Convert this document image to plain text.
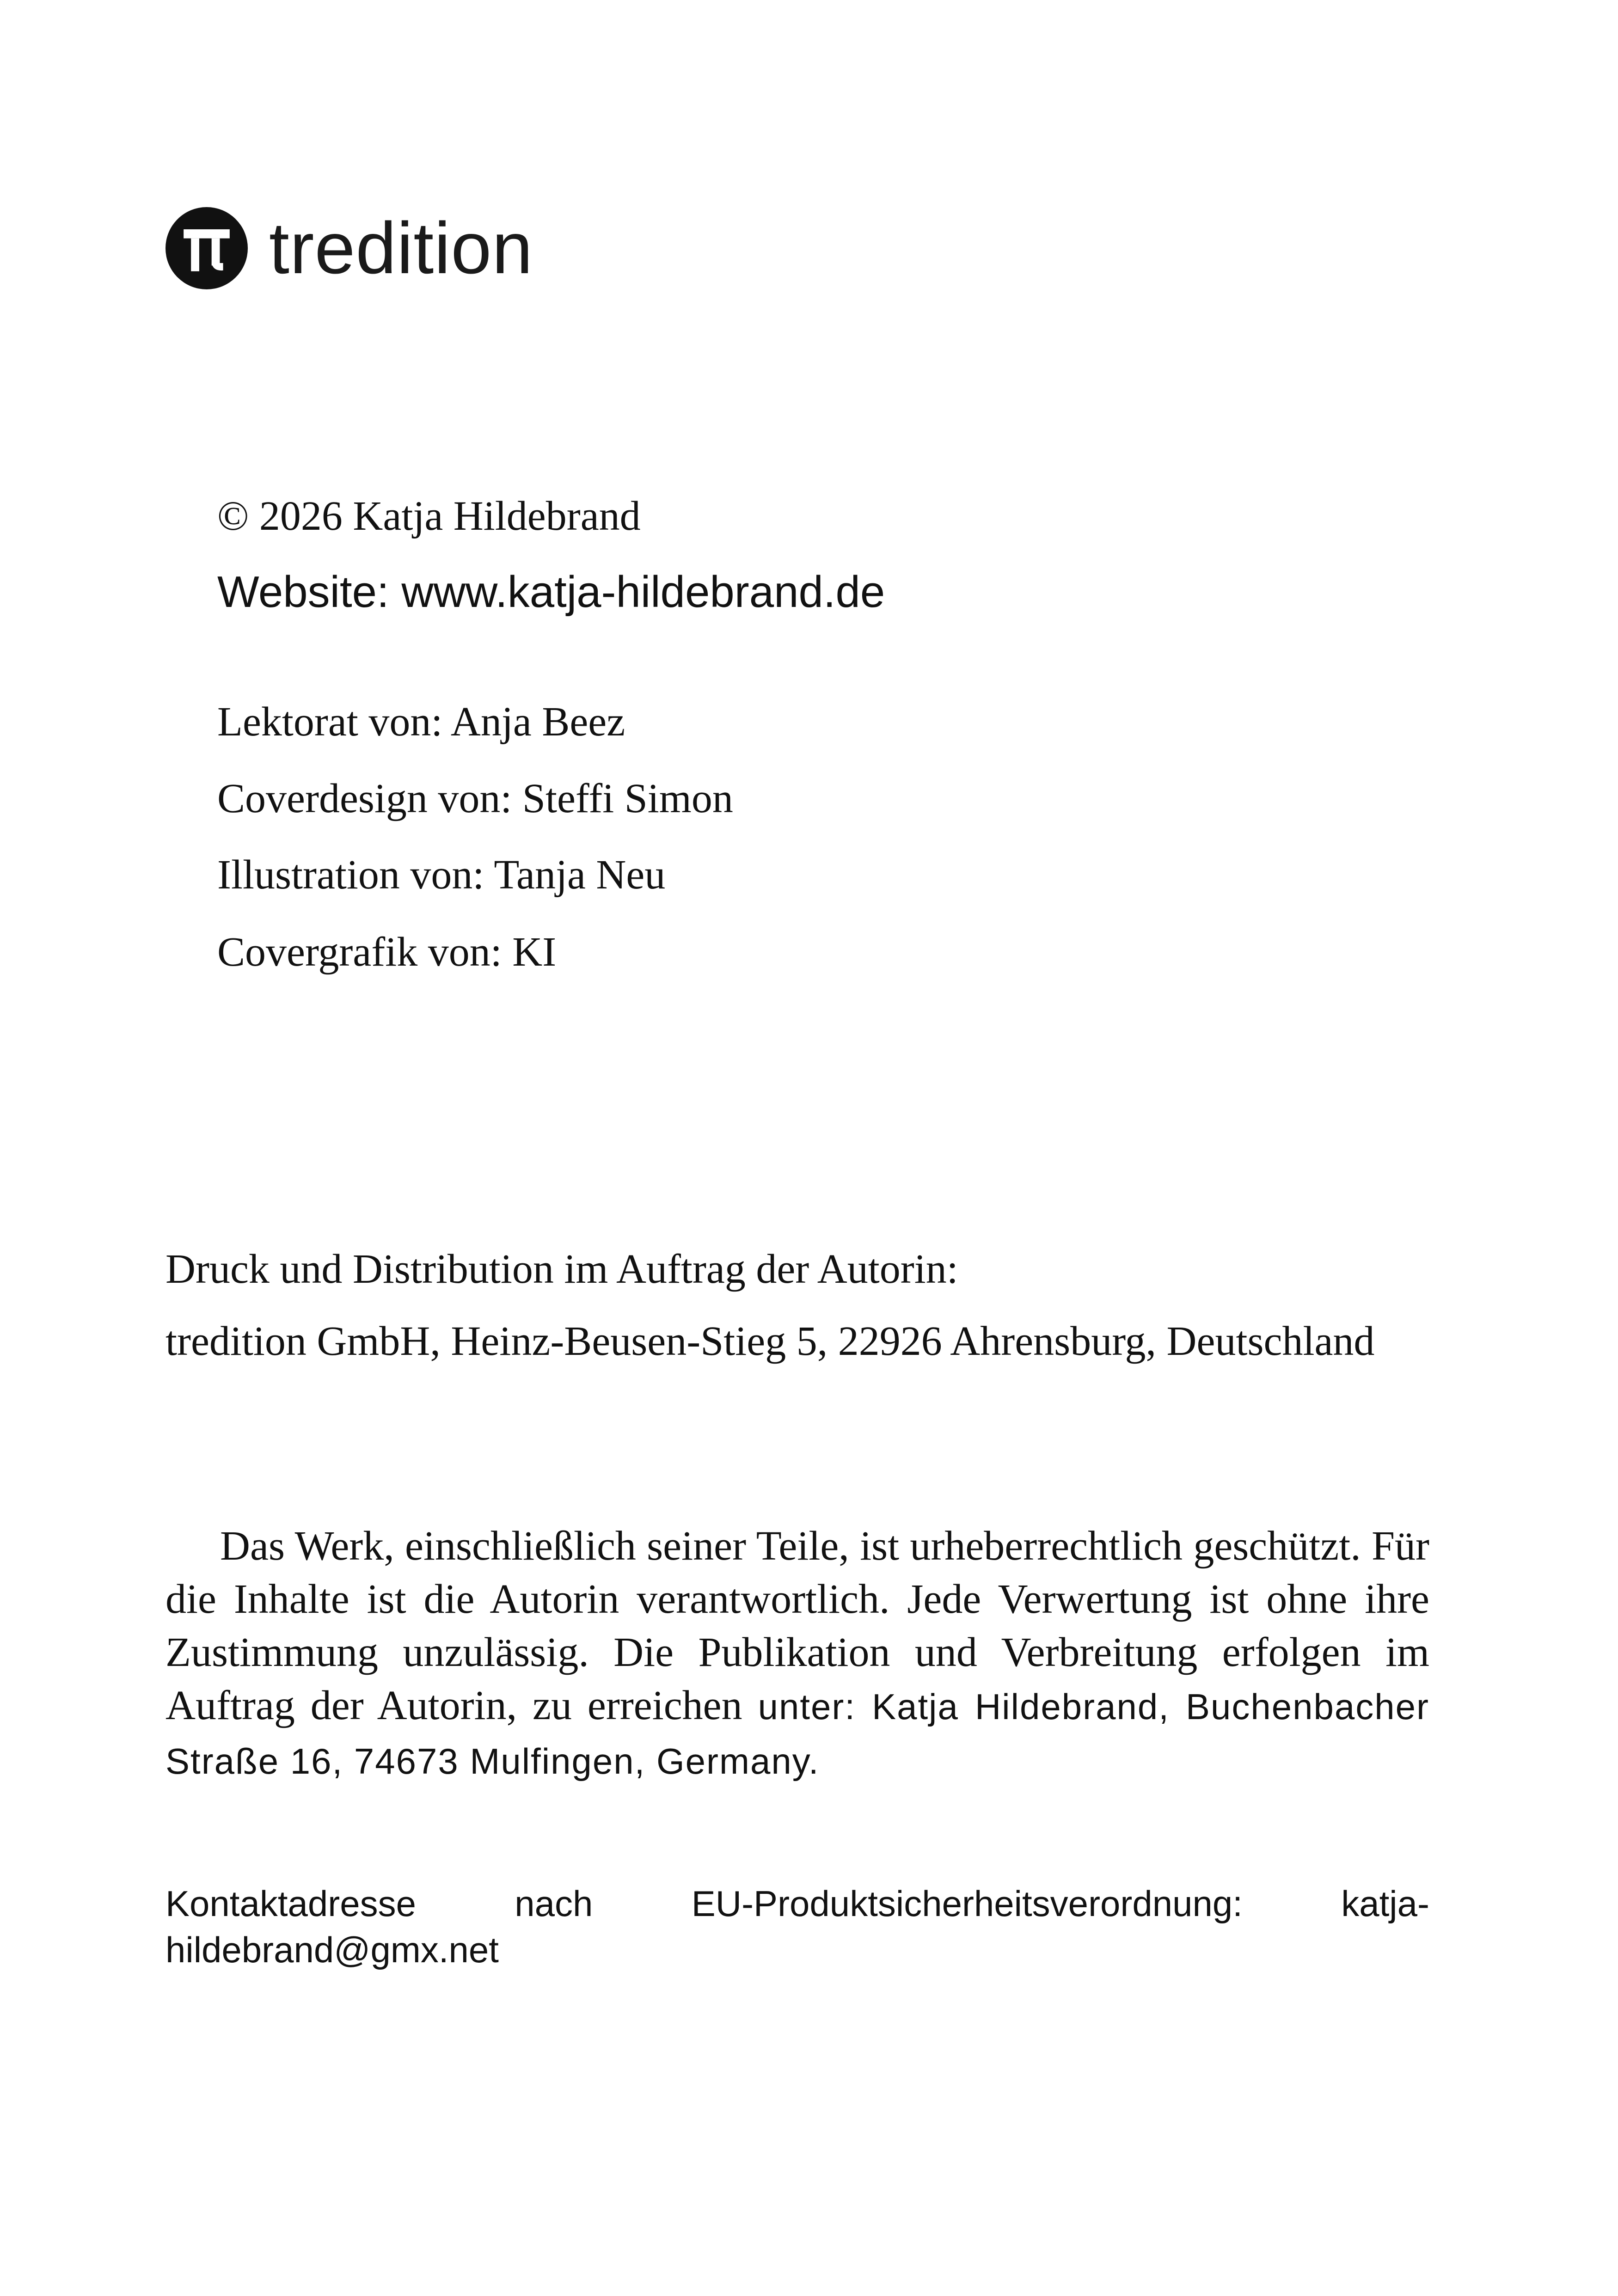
tredition
© 2026 Katja Hildebrand
Website: www.katja-hildebrand.de
Lektorat von: Anja Beez
Coverdesign von: Steffi Simon
Illustration von: Tanja Neu
Covergrafik von: KI
Druck und Distribution im Auftrag der Autorin:
tredition GmbH, Heinz-Beusen-Stieg 5, 22926 Ahrensburg, Deutschland
Das Werk, einschließlich seiner Teile, ist urheberrechtlich geschützt. Für die Inhalte ist die Autorin verantwortlich. Jede Verwertung ist ohne ihre Zustimmung unzulässig. Die Publikation und Verbreitung erfolgen im Auftrag der Autorin, zu erreichen unter: Katja Hildebrand, Buchenbacher Straße 16, 74673 Mulfingen, Germany.
Kontaktadresse nach EU-Produktsicherheitsverordnung: katja-hildebrand@gmx.net
